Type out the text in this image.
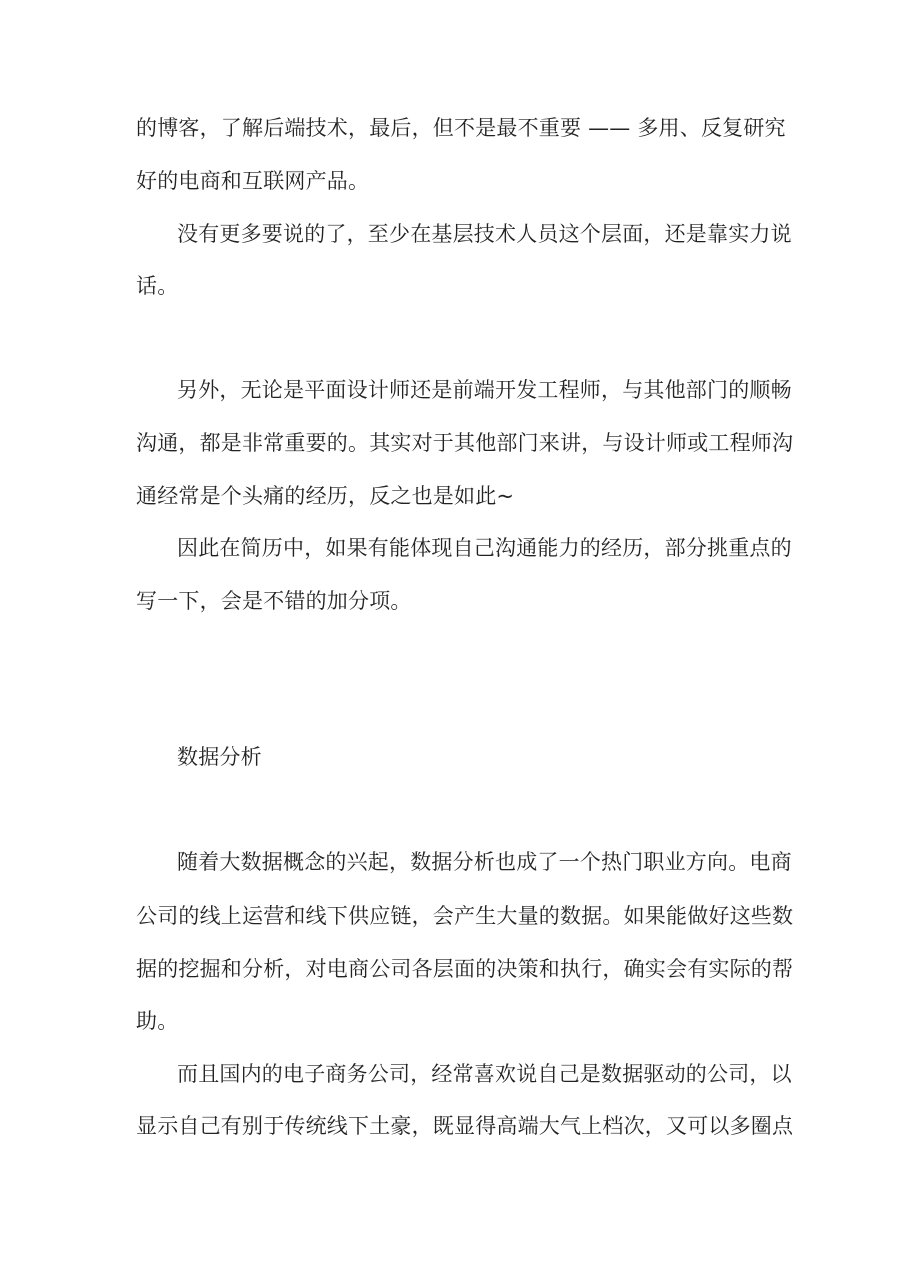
的博客，了解后端技术，最后，但不是最不重要 —— 多用、反复研究
好的电商和互联网产品。
没有更多要说的了，至少在基层技术人员这个层面，还是靠实力说
话。
另外，无论是平面设计师还是前端开发工程师，与其他部门的顺畅
沟通，都是非常重要的。其实对于其他部门来讲，与设计师或工程师沟
通经常是个头痛的经历，反之也是如此~
因此在简历中，如果有能体现自己沟通能力的经历，部分挑重点的
写一下，会是不错的加分项。
数据分析
随着大数据概念的兴起，数据分析也成了一个热门职业方向。电商
公司的线上运营和线下供应链，会产生大量的数据。如果能做好这些数
据的挖掘和分析，对电商公司各层面的决策和执行，确实会有实际的帮
助。
而且国内的电子商务公司，经常喜欢说自己是数据驱动的公司，以
显示自己有别于传统线下土豪，既显得高端大气上档次，又可以多圈点
